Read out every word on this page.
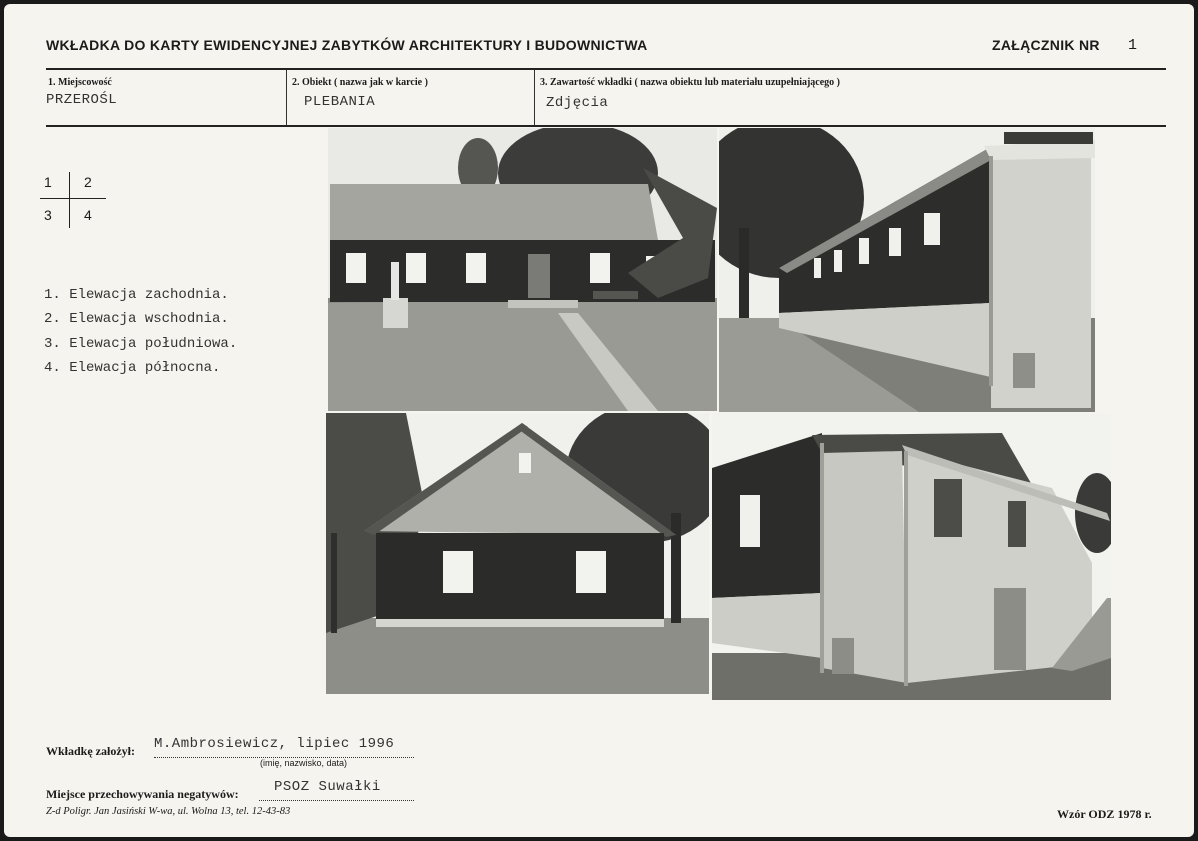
WKŁADKA DO KARTY EWIDENCYJNEJ ZABYTKÓW ARCHITEKTURY I BUDOWNICTWA	ZAŁĄCZNIK NR 1
1. Miejscowość
PRZEROŚL
2. Obiekt ( nazwa jak w karcie )
PLEBANIA
3. Zawartość wkładki ( nazwa obiektu lub materiału uzupełniającego )
Zdjęcia
1 2
3 4
1. Elewacja zachodnia.
2. Elewacja wschodnia.
3. Elewacja południowa.
4. Elewacja północna.
Wkładkę założył: M.Ambrosiewicz, lipiec 1996
(imię, nazwisko, data)
Miejsce przechowywania negatywów:	PSOZ Suwałki
Z-d Poligr. Jan Jasiński W-wa, ul. Wolna 13, tel. 12-43-83	Wzór ODZ 1978 r.
